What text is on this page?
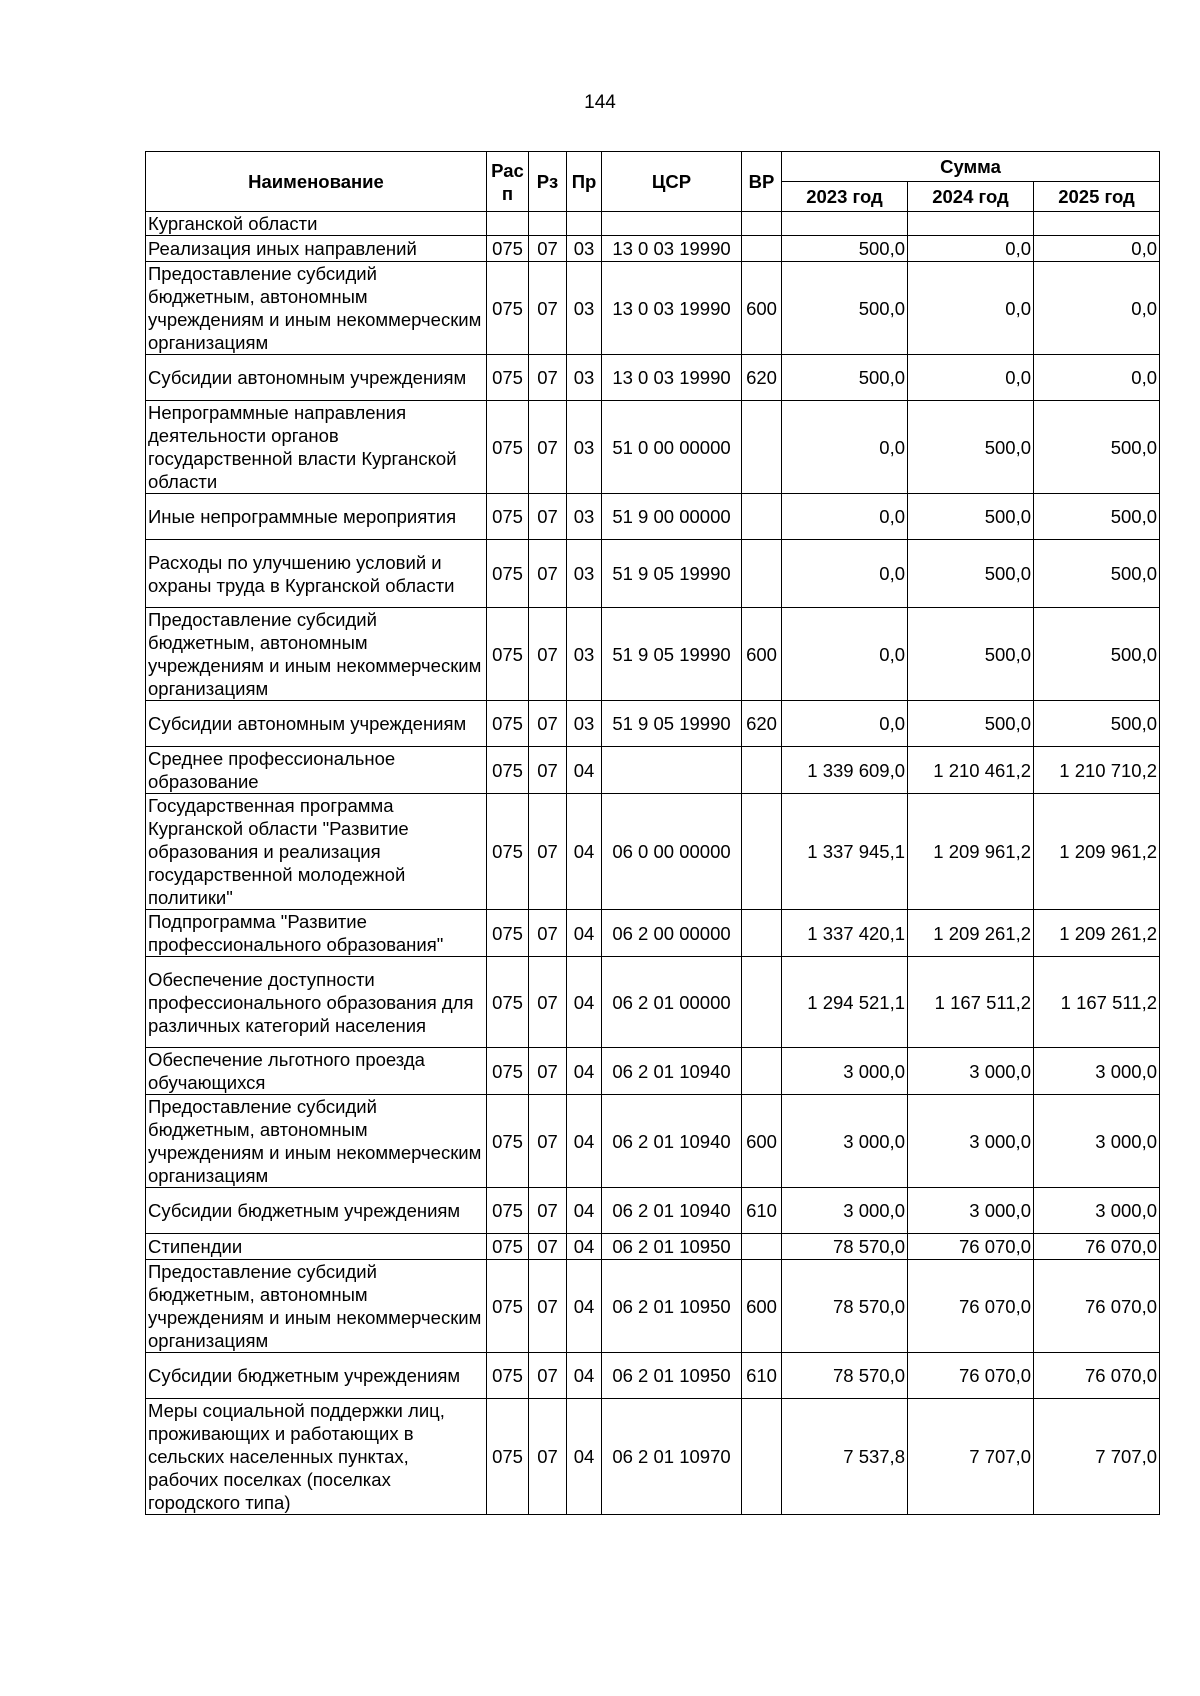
144
Наименование	Рас п	Рз	Пр	ЦСР	ВР	Сумма		
						2023 год	2024 год	2025 год
Курганской области								
Реализация иных направлений	075	07	03	13 0 03 19990		500,0	0,0	0,0
Предоставление субсидий бюджетным, автономным учреждениям и иным некоммерческим организациям	075	07	03	13 0 03 19990	600	500,0	0,0	0,0
Субсидии автономным учреждениям	075	07	03	13 0 03 19990	620	500,0	0,0	0,0
Непрограммные направления деятельности органов государственной власти Курганской области	075	07	03	51 0 00 00000		0,0	500,0	500,0
Иные непрограммные мероприятия	075	07	03	51 9 00 00000		0,0	500,0	500,0
Расходы по улучшению условий и охраны труда в Курганской области	075	07	03	51 9 05 19990		0,0	500,0	500,0
Предоставление субсидий бюджетным, автономным учреждениям и иным некоммерческим организациям	075	07	03	51 9 05 19990	600	0,0	500,0	500,0
Субсидии автономным учреждениям	075	07	03	51 9 05 19990	620	0,0	500,0	500,0
Среднее профессиональное образование	075	07	04			1 339 609,0	1 210 461,2	1 210 710,2
Государственная программа Курганской области "Развитие образования и реализация государственной молодежной политики"	075	07	04	06 0 00 00000		1 337 945,1	1 209 961,2	1 209 961,2
Подпрограмма "Развитие профессионального образования"	075	07	04	06 2 00 00000		1 337 420,1	1 209 261,2	1 209 261,2
Обеспечение доступности профессионального образования для различных категорий населения	075	07	04	06 2 01 00000		1 294 521,1	1 167 511,2	1 167 511,2
Обеспечение льготного проезда обучающихся	075	07	04	06 2 01 10940		3 000,0	3 000,0	3 000,0
Предоставление субсидий бюджетным, автономным учреждениям и иным некоммерческим организациям	075	07	04	06 2 01 10940	600	3 000,0	3 000,0	3 000,0
Субсидии бюджетным учреждениям	075	07	04	06 2 01 10940	610	3 000,0	3 000,0	3 000,0
Стипендии	075	07	04	06 2 01 10950		78 570,0	76 070,0	76 070,0
Предоставление субсидий бюджетным, автономным учреждениям и иным некоммерческим организациям	075	07	04	06 2 01 10950	600	78 570,0	76 070,0	76 070,0
Субсидии бюджетным учреждениям	075	07	04	06 2 01 10950	610	78 570,0	76 070,0	76 070,0
Меры социальной поддержки лиц, проживающих и работающих в сельских населенных пунктах, рабочих поселках (поселках городского типа)	075	07	04	06 2 01 10970		7 537,8	7 707,0	7 707,0
